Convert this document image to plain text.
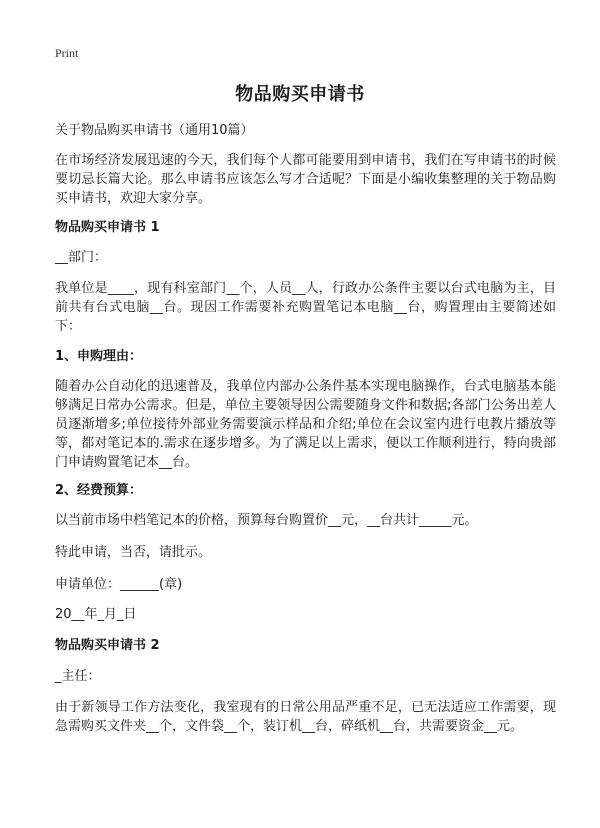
Print
物品购买申请书
关于物品购买申请书（通用10篇）
在市场经济发展迅速的今天，我们每个人都可能要用到申请书，我们在写申请书的时候要切忌长篇大论。那么申请书应该怎么写才合适呢？下面是小编收集整理的关于物品购买申请书，欢迎大家分享。
物品购买申请书 1
__部门：
我单位是____，现有科室部门__个，人员__人，行政办公条件主要以台式电脑为主，目前共有台式电脑__台。现因工作需要补充购置笔记本电脑__台，购置理由主要简述如下：
1、申购理由：
随着办公自动化的迅速普及，我单位内部办公条件基本实现电脑操作，台式电脑基本能够满足日常办公需求。但是，单位主要领导因公需要随身文件和数据;各部门公务出差人员逐渐增多;单位接待外部业务需要演示样品和介绍;单位在会议室内进行电教片播放等等，都对笔记本的.需求在逐步增多。为了满足以上需求，便以工作顺利进行，特向贵部门申请购置笔记本__台。
2、经费预算：
以当前市场中档笔记本的价格，预算每台购置价__元，__台共计_____元。
特此申请，当否，请批示。
申请单位：______(章)
20__年_月_日
物品购买申请书 2
_主任：
由于新领导工作方法变化，我室现有的日常公用品严重不足，已无法适应工作需要，现急需购买文件夹__个，文件袋__个，装订机__台，碎纸机__台，共需要资金__元。
